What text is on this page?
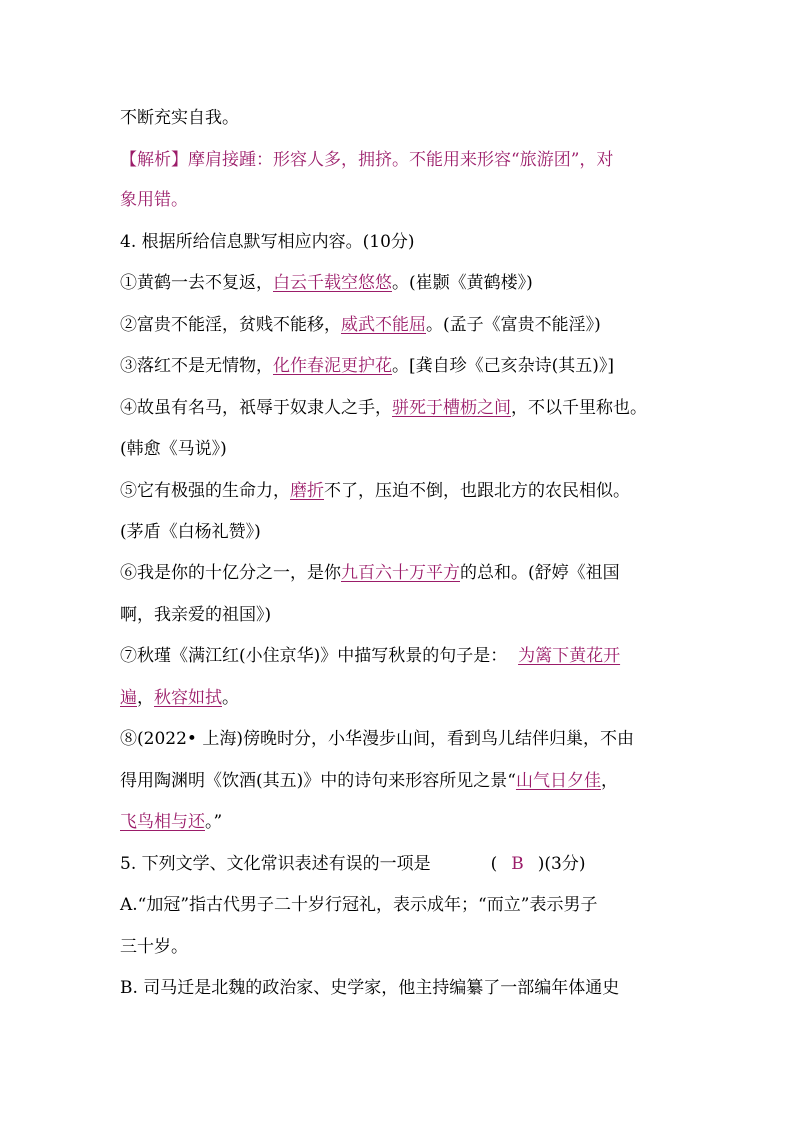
不断充实自我。
【解析】摩肩接踵：形容人多，拥挤。不能用来形容“旅游团”，对
象用错。
4. 根据所给信息默写相应内容。(10分)
①黄鹤一去不复返，白云千载空悠悠。(崔颢《黄鹤楼》)
②富贵不能淫，贫贱不能移，威武不能屈。(孟子《富贵不能淫》)
③落红不是无情物，化作春泥更护花。[龚自珍《己亥杂诗(其五)》]
④故虽有名马，祇辱于奴隶人之手，骈死于槽枥之间，不以千里称也。
(韩愈《马说》)
⑤它有极强的生命力，磨折不了，压迫不倒，也跟北方的农民相似。
(茅盾《白杨礼赞》)
⑥我是你的十亿分之一，是你九百六十万平方的总和。(舒婷《祖国
啊，我亲爱的祖国》)
⑦秋瑾《满江红(小住京华)》中描写秋景的句子是： 为篱下黄花开
遍，秋容如拭。
⑧(2022• 上海)傍晚时分，小华漫步山间，看到鸟儿结伴归巢，不由
得用陶渊明《饮酒(其五)》中的诗句来形容所见之景“山气日夕佳，
飞鸟相与还。”
5. 下列文学、文化常识表述有误的一项是	( B )(3分)
A.“加冠”指古代男子二十岁行冠礼，表示成年；“而立”表示男子
三十岁。
B. 司马迁是北魏的政治家、史学家，他主持编纂了一部编年体通史
